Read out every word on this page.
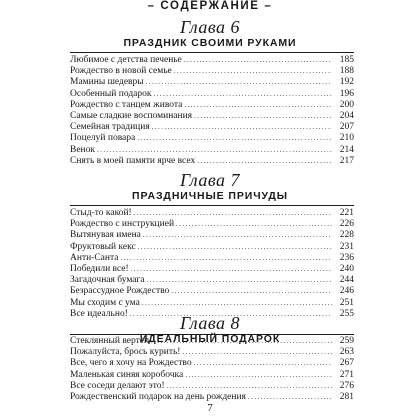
– СОДЕРЖАНИЕ –
Глава 6
ПРАЗДНИК СВОИМИ РУКАМИ
Любимое с детства печенье .....	185
Рождество в новой семье .....	188
Мамины шедевры .....	192
Особенный подарок .....	196
Рождество с танцем живота .....	200
Самые сладкие воспоминания .....	204
Семейная традиция .....	207
Поцелуй повара .....	210
Венок .....	214
Снять в моей памяти ярче всех .....	217
Глава 7
ПРАЗДНИЧНЫЕ ПРИЧУДЫ
Стыд-то какой! .....	221
Рождество с инструкцией .....	226
Вытянувая имена .....	228
Фруктовый кекс .....	231
Анти-Санта .....	236
Победили все! .....	240
Загадочная бумага .....	244
Безрассудное Рождество .....	246
Мы сходим с ума .....	251
Все идеально! .....	255
Глава 8
ИДЕАЛЬНЫЙ ПОДАРОК
Стеклянный вертеп .....	259
Пожалуйста, брось курить! .....	263
Все, чего я хочу на Рождество .....	267
Маленькая синяя коробочка .....	271
Все соседи делают это! .....	276
Рождественский подарок на день рождения .....	281
7
